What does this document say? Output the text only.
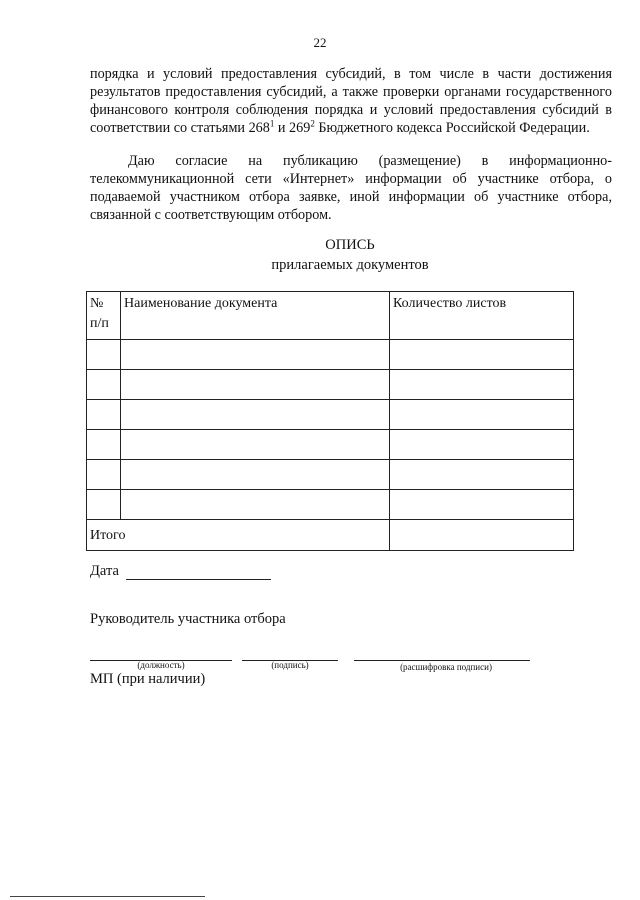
22

порядка и условий предоставления субсидий, в том числе в части достижения результатов предоставления субсидий, а также проверки органами государственного финансового контроля соблюдения порядка и условий предоставления субсидий в соответствии со статьями $268^1$ и $269^2$ Бюджетного кодекса Российской Федерации.

Даю согласие на публикацию (размещение) в информационно-телекоммуникационной сети «Интернет» информации об участнике отбора, о подаваемой участником отбора заявке, иной информации об участнике отбора, связанной с соответствующим отбором.

ОПИСЬ
прилагаемых документов
№ п/п	Наименование документа	Количество листов

Итого		

Дата
Руководитель участника отбора
(должность)	(подпись)	(расшифровка подписи)
МП (при наличии)
